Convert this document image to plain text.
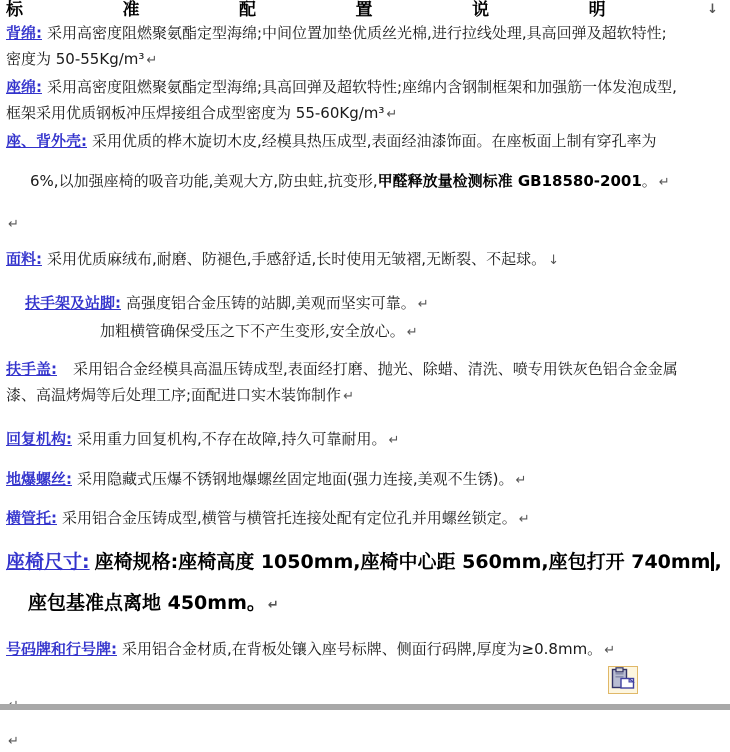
标	准	配	置	说	明	↓
背绵: 采用高密度阻燃聚氨酯定型海绵;中间位置加垫优质丝光棉,进行拉线处理,具高回弹及超软特性;
密度为 50-55Kg/m³ ↵
座绵: 采用高密度阻燃聚氨酯定型海绵;具高回弹及超软特性;座绵内含钢制框架和加强筋一体发泡成型,
框架采用优质钢板冲压焊接组合成型密度为 55-60Kg/m³ ↵
座、背外壳: 采用优质的桦木旋切木皮,经模具热压成型,表面经油漆饰面。在座板面上制有穿孔率为
6%,以加强座椅的吸音功能,美观大方,防虫蛀,抗变形,甲醛释放量检测标准 GB18580-2001。 ↵
↵
面料: 采用优质麻绒布,耐磨、防褪色,手感舒适,长时使用无皱褶,无断裂、不起球。 ↓
扶手架及站脚: 高强度铝合金压铸的站脚,美观而坚实可靠。 ↵
加粗横管确保受压之下不产生变形,安全放心。 ↵
扶手盖: 采用铝合金经模具高温压铸成型,表面经打磨、抛光、除蜡、清洗、喷专用铁灰色铝合金金属
漆、高温烤焗等后处理工序;面配进口实木装饰制作 ↵
回复机构: 采用重力回复机构,不存在故障,持久可靠耐用。 ↵
地爆螺丝: 采用隐藏式压爆不锈钢地爆螺丝固定地面(强力连接,美观不生锈)。 ↵
横管托: 采用铝合金压铸成型,横管与横管托连接处配有定位孔并用螺丝锁定。 ↵
座椅尺寸: 座椅规格:座椅高度 1050mm,座椅中心距 560mm,座包打开 740mm ,
座包基准点离地 450mm。 ↵
号码牌和行号牌: 采用铝合金材质,在背板处镶入座号标牌、侧面行码牌,厚度为≥0.8mm。 ↵
↵
